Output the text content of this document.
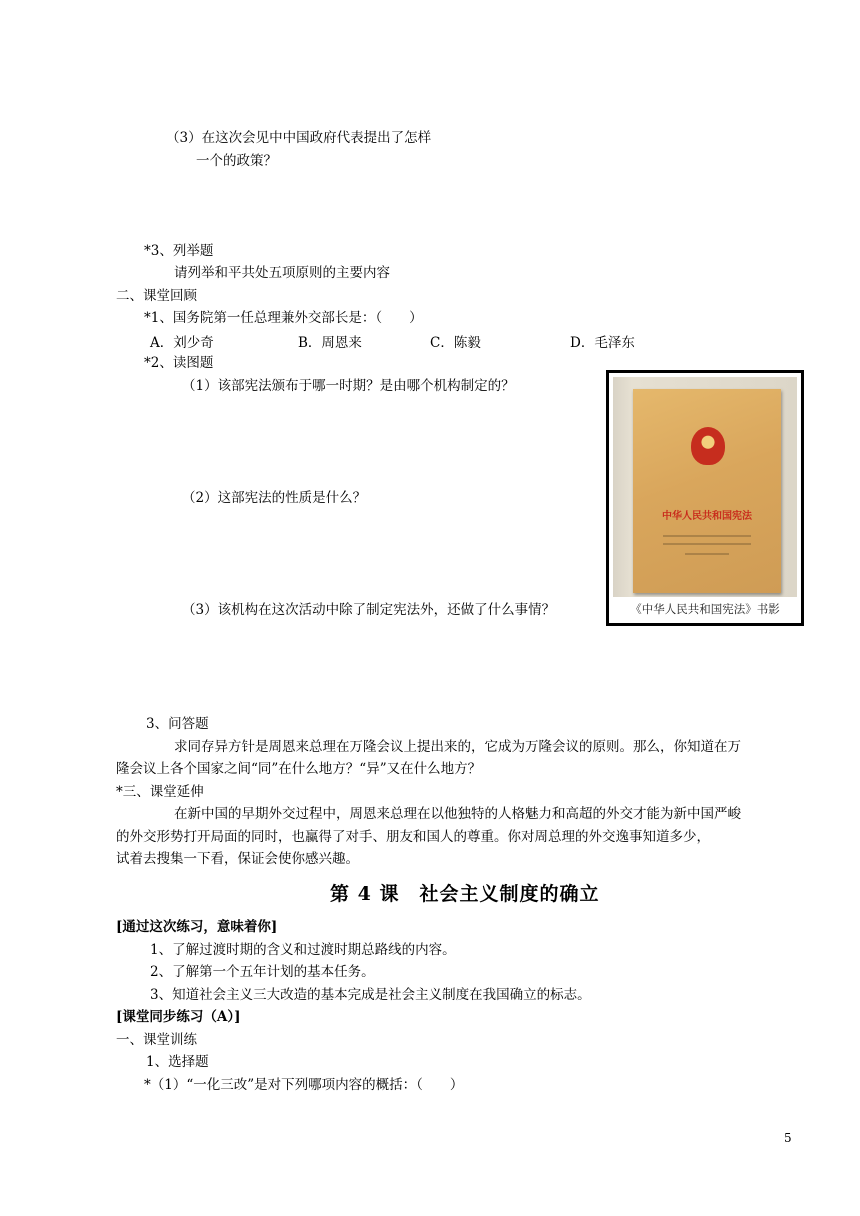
（3）在这次会见中中国政府代表提出了怎样
一个的政策？
*3、列举题
请列举和平共处五项原则的主要内容
二、课堂回顾
*1、国务院第一任总理兼外交部长是：（　　）
A．刘少奇	B．周恩来	C．陈毅	D．毛泽东
*2、读图题
（1）该部宪法颁布于哪一时期？是由哪个机构制定的？
（2）这部宪法的性质是什么？
（3）该机构在这次活动中除了制定宪法外，还做了什么事情？
中华人民共和国宪法
《中华人民共和国宪法》书影
3、问答题
求同存异方针是周恩来总理在万隆会议上提出来的，它成为万隆会议的原则。那么，你知道在万
隆会议上各个国家之间“同”在什么地方？“异”又在什么地方？
*三、课堂延伸
在新中国的早期外交过程中，周恩来总理在以他独特的人格魅力和高超的外交才能为新中国严峻
的外交形势打开局面的同时，也赢得了对手、朋友和国人的尊重。你对周总理的外交逸事知道多少，
试着去搜集一下看，保证会使你感兴趣。
第 4 课　社会主义制度的确立
[通过这次练习，意味着你]
1、了解过渡时期的含义和过渡时期总路线的内容。
2、了解第一个五年计划的基本任务。
3、知道社会主义三大改造的基本完成是社会主义制度在我国确立的标志。
[课堂同步练习（A）]
一、课堂训练
1、选择题
*（1）“一化三改”是对下列哪项内容的概括：（　　）
5
